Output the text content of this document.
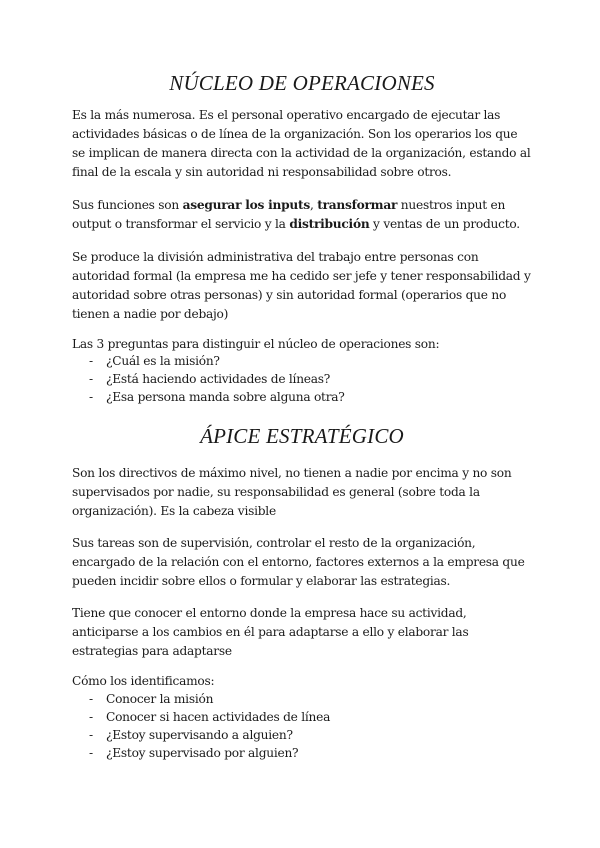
NÚCLEO DE OPERACIONES

Es la más numerosa. Es el personal operativo encargado de ejecutar las actividades básicas o de línea de la organización. Son los operarios los que se implican de manera directa con la actividad de la organización, estando al final de la escala y sin autoridad ni responsabilidad sobre otros.

Sus funciones son asegurar los inputs, transformar nuestros input en output o transformar el servicio y la distribución y ventas de un producto.

Se produce la división administrativa del trabajo entre personas con autoridad formal (la empresa me ha cedido ser jefe y tener responsabilidad y autoridad sobre otras personas) y sin autoridad formal (operarios que no tienen a nadie por debajo)

Las 3 preguntas para distinguir el núcleo de operaciones son:

- ¿Cuál es la misión?
- ¿Está haciendo actividades de líneas?
- ¿Esa persona manda sobre alguna otra?
ÁPICE ESTRATÉGICO

Son los directivos de máximo nivel, no tienen a nadie por encima y no son supervisados por nadie, su responsabilidad es general (sobre toda la organización). Es la cabeza visible

Sus tareas son de supervisión, controlar el resto de la organización, encargado de la relación con el entorno, factores externos a la empresa que pueden incidir sobre ellos o formular y elaborar las estrategias.

Tiene que conocer el entorno donde la empresa hace su actividad, anticiparse a los cambios en él para adaptarse a ello y elaborar las estrategias para adaptarse

Cómo los identificamos:

- Conocer la misión
- Conocer si hacen actividades de línea
- ¿Estoy supervisando a alguien?
- ¿Estoy supervisado por alguien?
